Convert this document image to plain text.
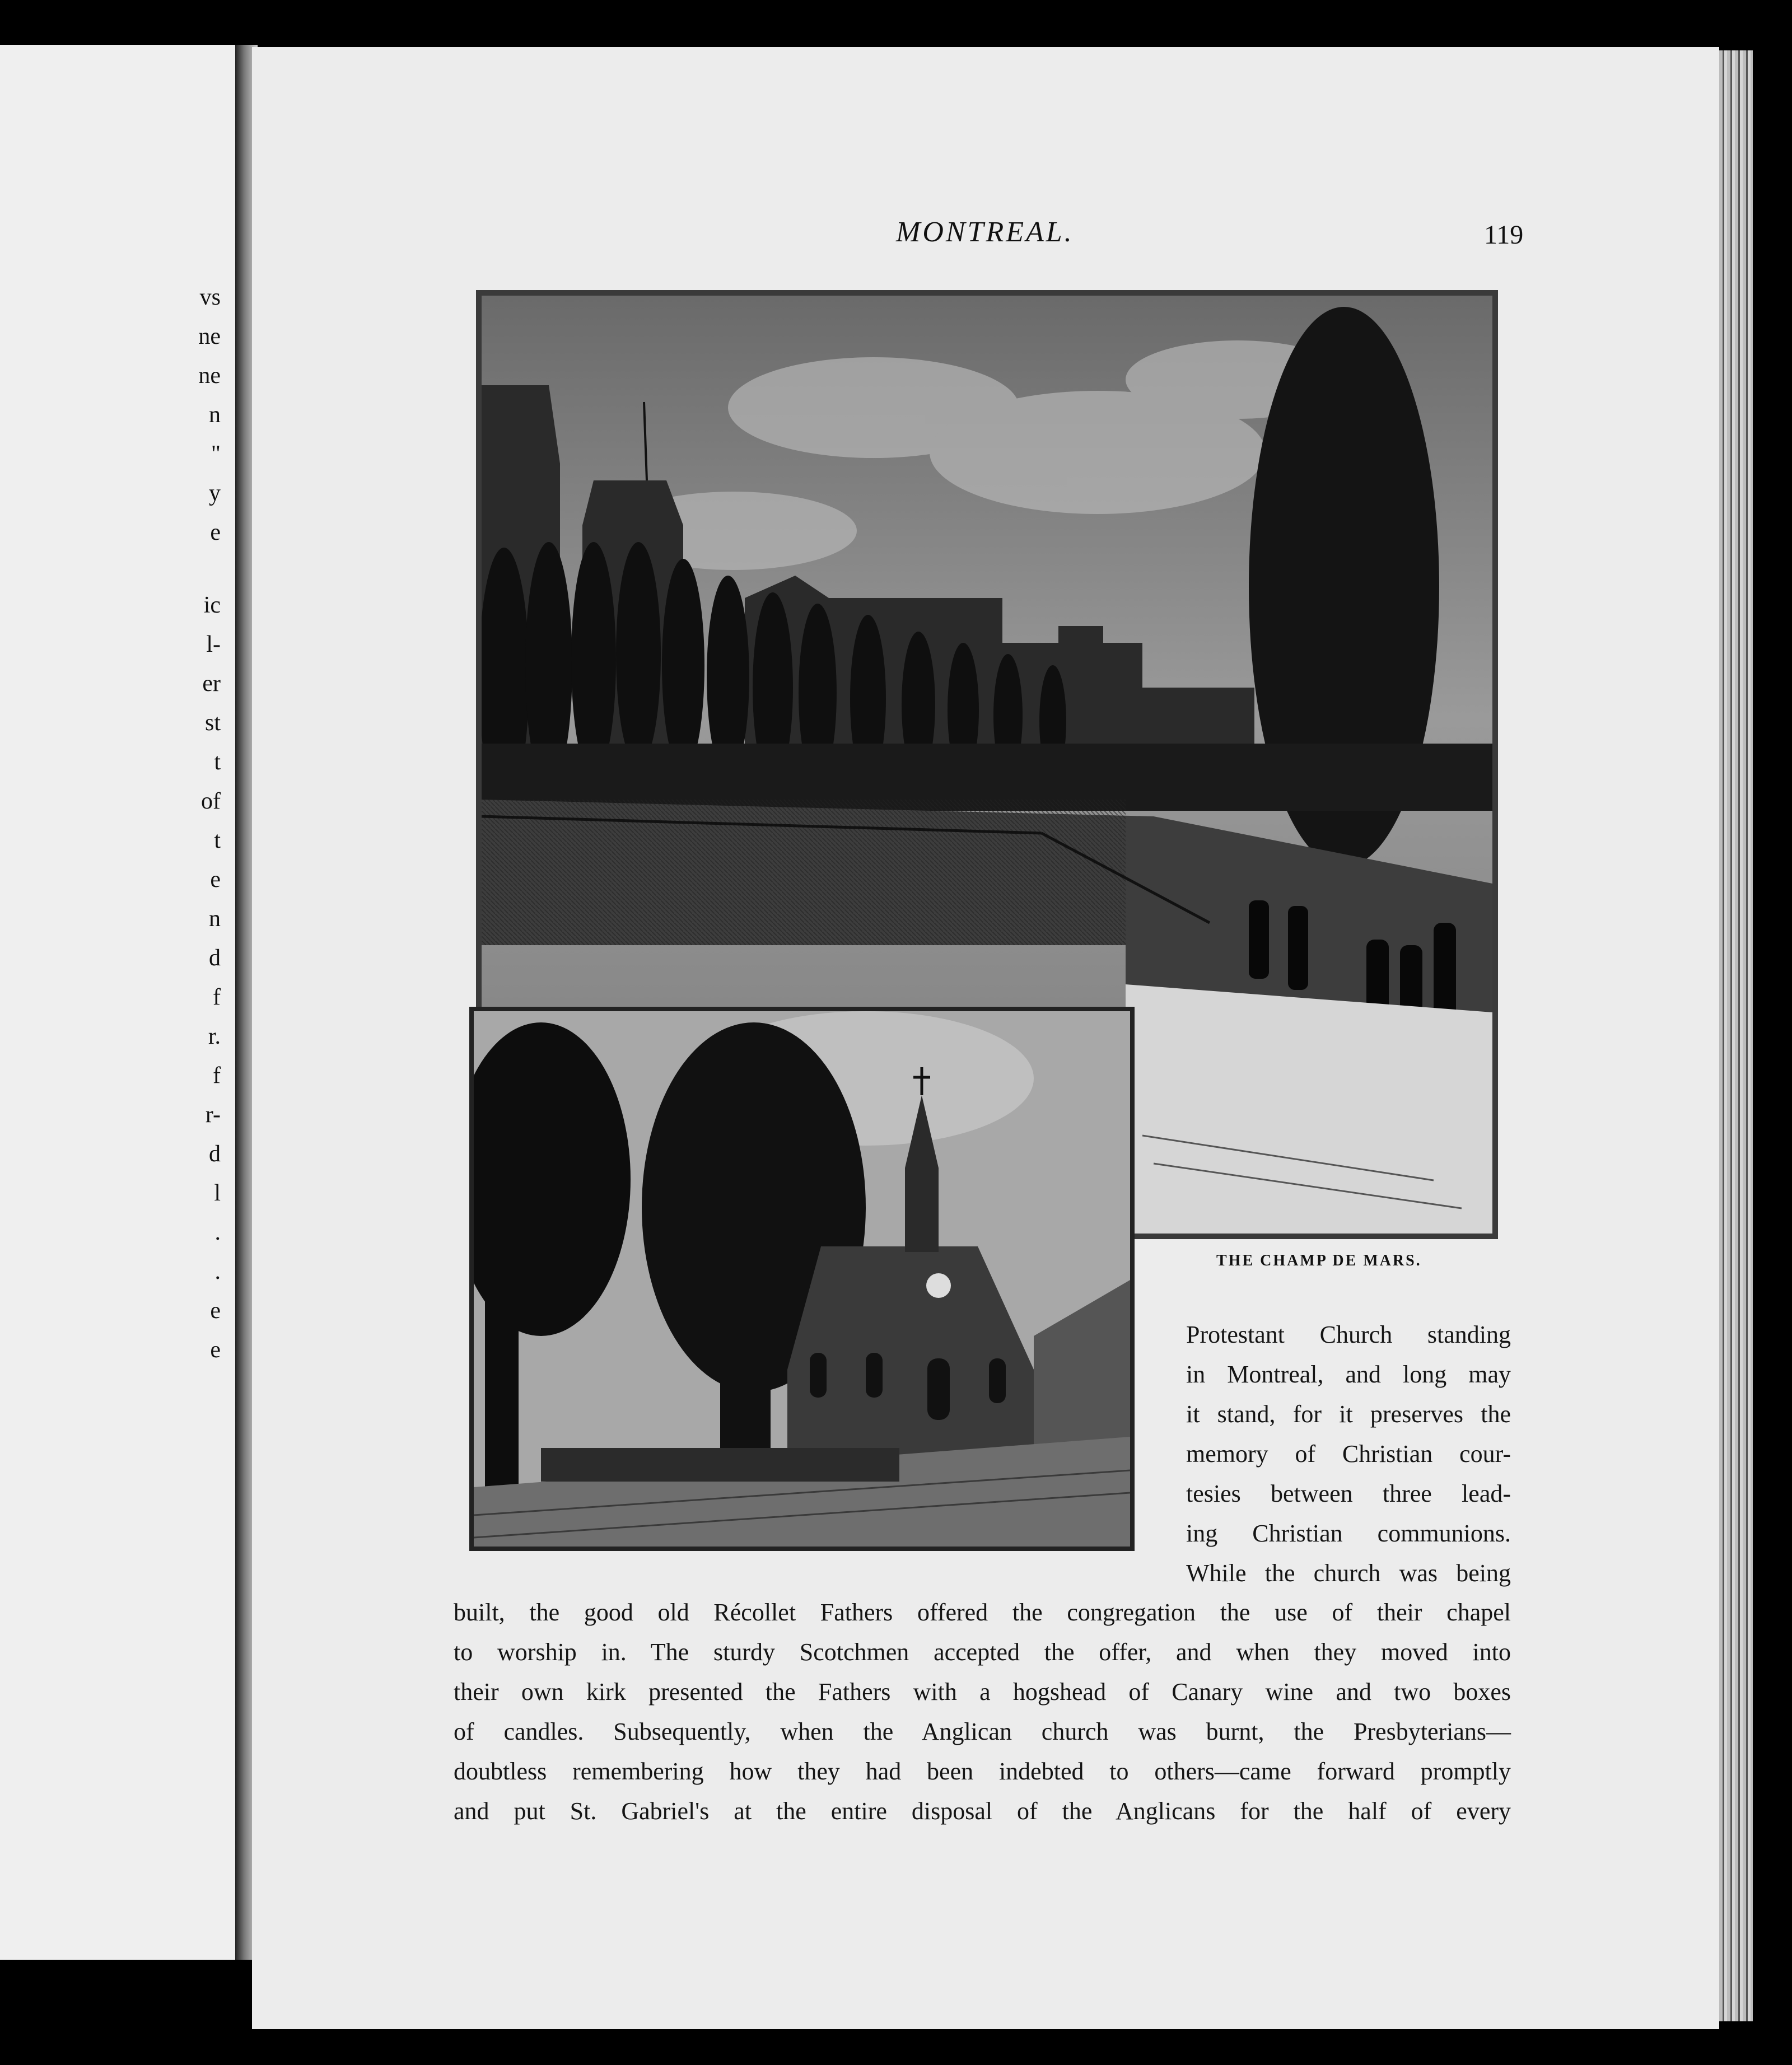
vs
ne
ne
n
"
y
e
ic
l-
er
st
t
of
t
e
n
d
f
r.
f
r-
d
l
.
.
e
e
MONTREAL.	119
THE CHAMP DE MARS.
Protestant Church standing
in Montreal, and long may
it stand, for it preserves the
memory of Christian cour-
tesies between three lead-
ing Christian communions.
While the church was being
built, the good old Récollet Fathers offered the congregation the use of their chapel
to worship in. The sturdy Scotchmen accepted the offer, and when they moved into
their own kirk presented the Fathers with a hogshead of Canary wine and two boxes
of candles. Subsequently, when the Anglican church was burnt, the Presbyterians—
doubtless remembering how they had been indebted to others—came forward promptly
and put St. Gabriel's at the entire disposal of the Anglicans for the half of every
